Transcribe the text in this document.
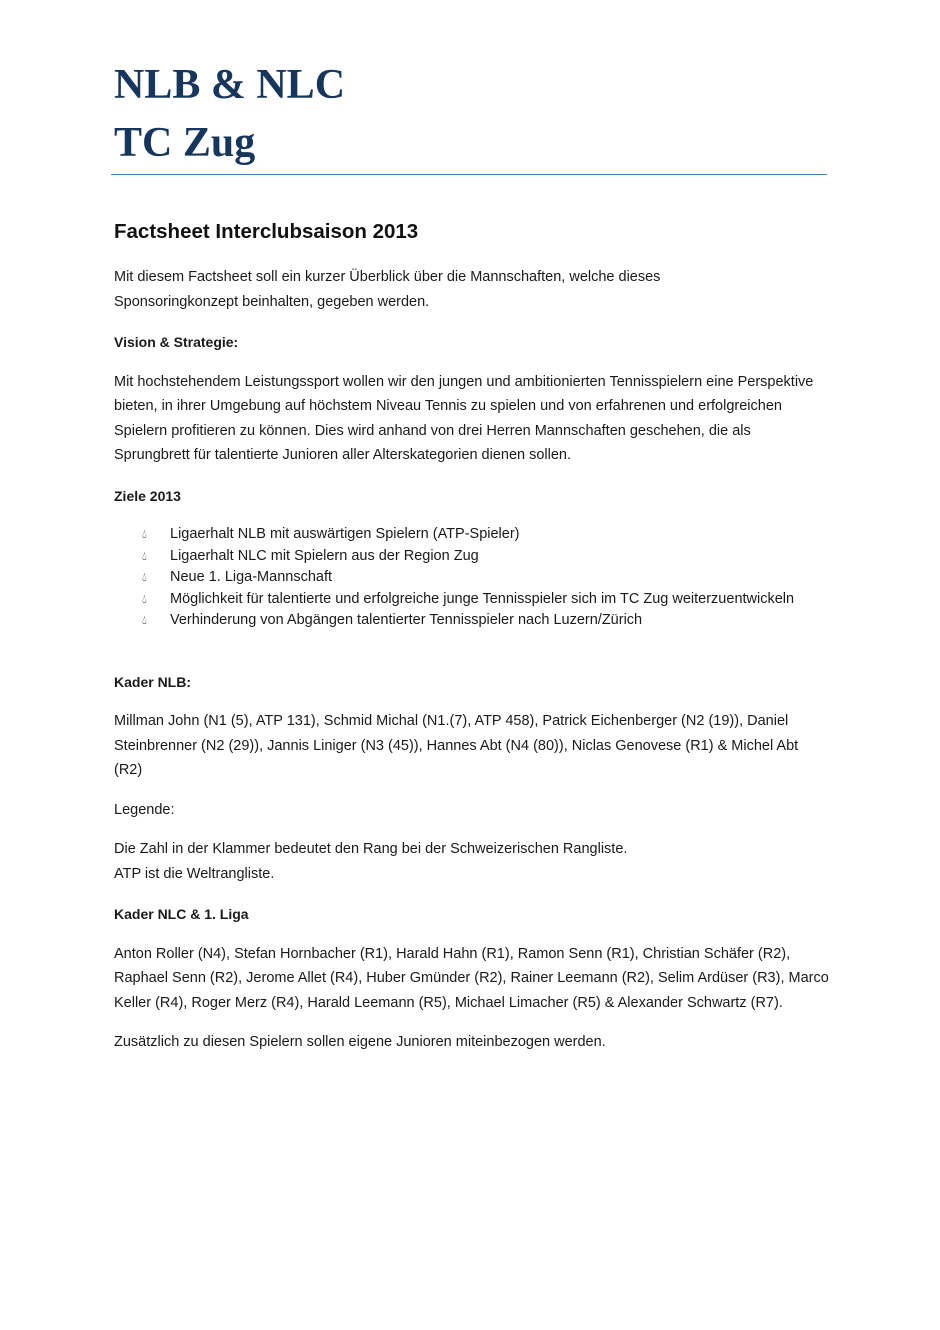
NLB & NLC
TC Zug
Factsheet Interclubsaison 2013

Mit diesem Factsheet soll ein kurzer Überblick über die Mannschaften, welche dieses
Sponsoringkonzept beinhalten, gegeben werden.

Vision & Strategie:

Mit hochstehendem Leistungssport wollen wir den jungen und ambitionierten Tennisspielern eine Perspektive bieten, in ihrer Umgebung auf höchstem Niveau Tennis zu spielen und von erfahrenen und erfolgreichen Spielern profitieren zu können. Dies wird anhand von drei Herren Mannschaften geschehen, die als Sprungbrett für talentierte Junioren aller Alterskategorien dienen sollen.

Ziele 2013

💧︎ Ligaerhalt NLB mit auswärtigen Spielern (ATP-Spieler)
💧︎ Ligaerhalt NLC mit Spielern aus der Region Zug
💧︎ Neue 1. Liga-Mannschaft
💧︎ Möglichkeit für talentierte und erfolgreiche junge Tennisspieler sich im TC Zug weiterzuentwickeln
💧︎ Verhinderung von Abgängen talentierter Tennisspieler nach Luzern/Zürich

Kader NLB:

Millman John (N1 (5), ATP 131), Schmid Michal (N1.(7), ATP 458), Patrick Eichenberger (N2 (19)), Daniel Steinbrenner (N2 (29)), Jannis Liniger (N3 (45)), Hannes Abt (N4 (80)), Niclas Genovese (R1) & Michel Abt (R2)

Legende:

Die Zahl in der Klammer bedeutet den Rang bei der Schweizerischen Rangliste.
ATP ist die Weltrangliste.

Kader NLC & 1. Liga

Anton Roller (N4), Stefan Hornbacher (R1), Harald Hahn (R1), Ramon Senn (R1), Christian Schäfer (R2), Raphael Senn (R2), Jerome Allet (R4), Huber Gmünder (R2), Rainer Leemann (R2), Selim Ardüser (R3), Marco Keller (R4), Roger Merz (R4), Harald Leemann (R5), Michael Limacher (R5) & Alexander Schwartz (R7).

Zusätzlich zu diesen Spielern sollen eigene Junioren miteinbezogen werden.
